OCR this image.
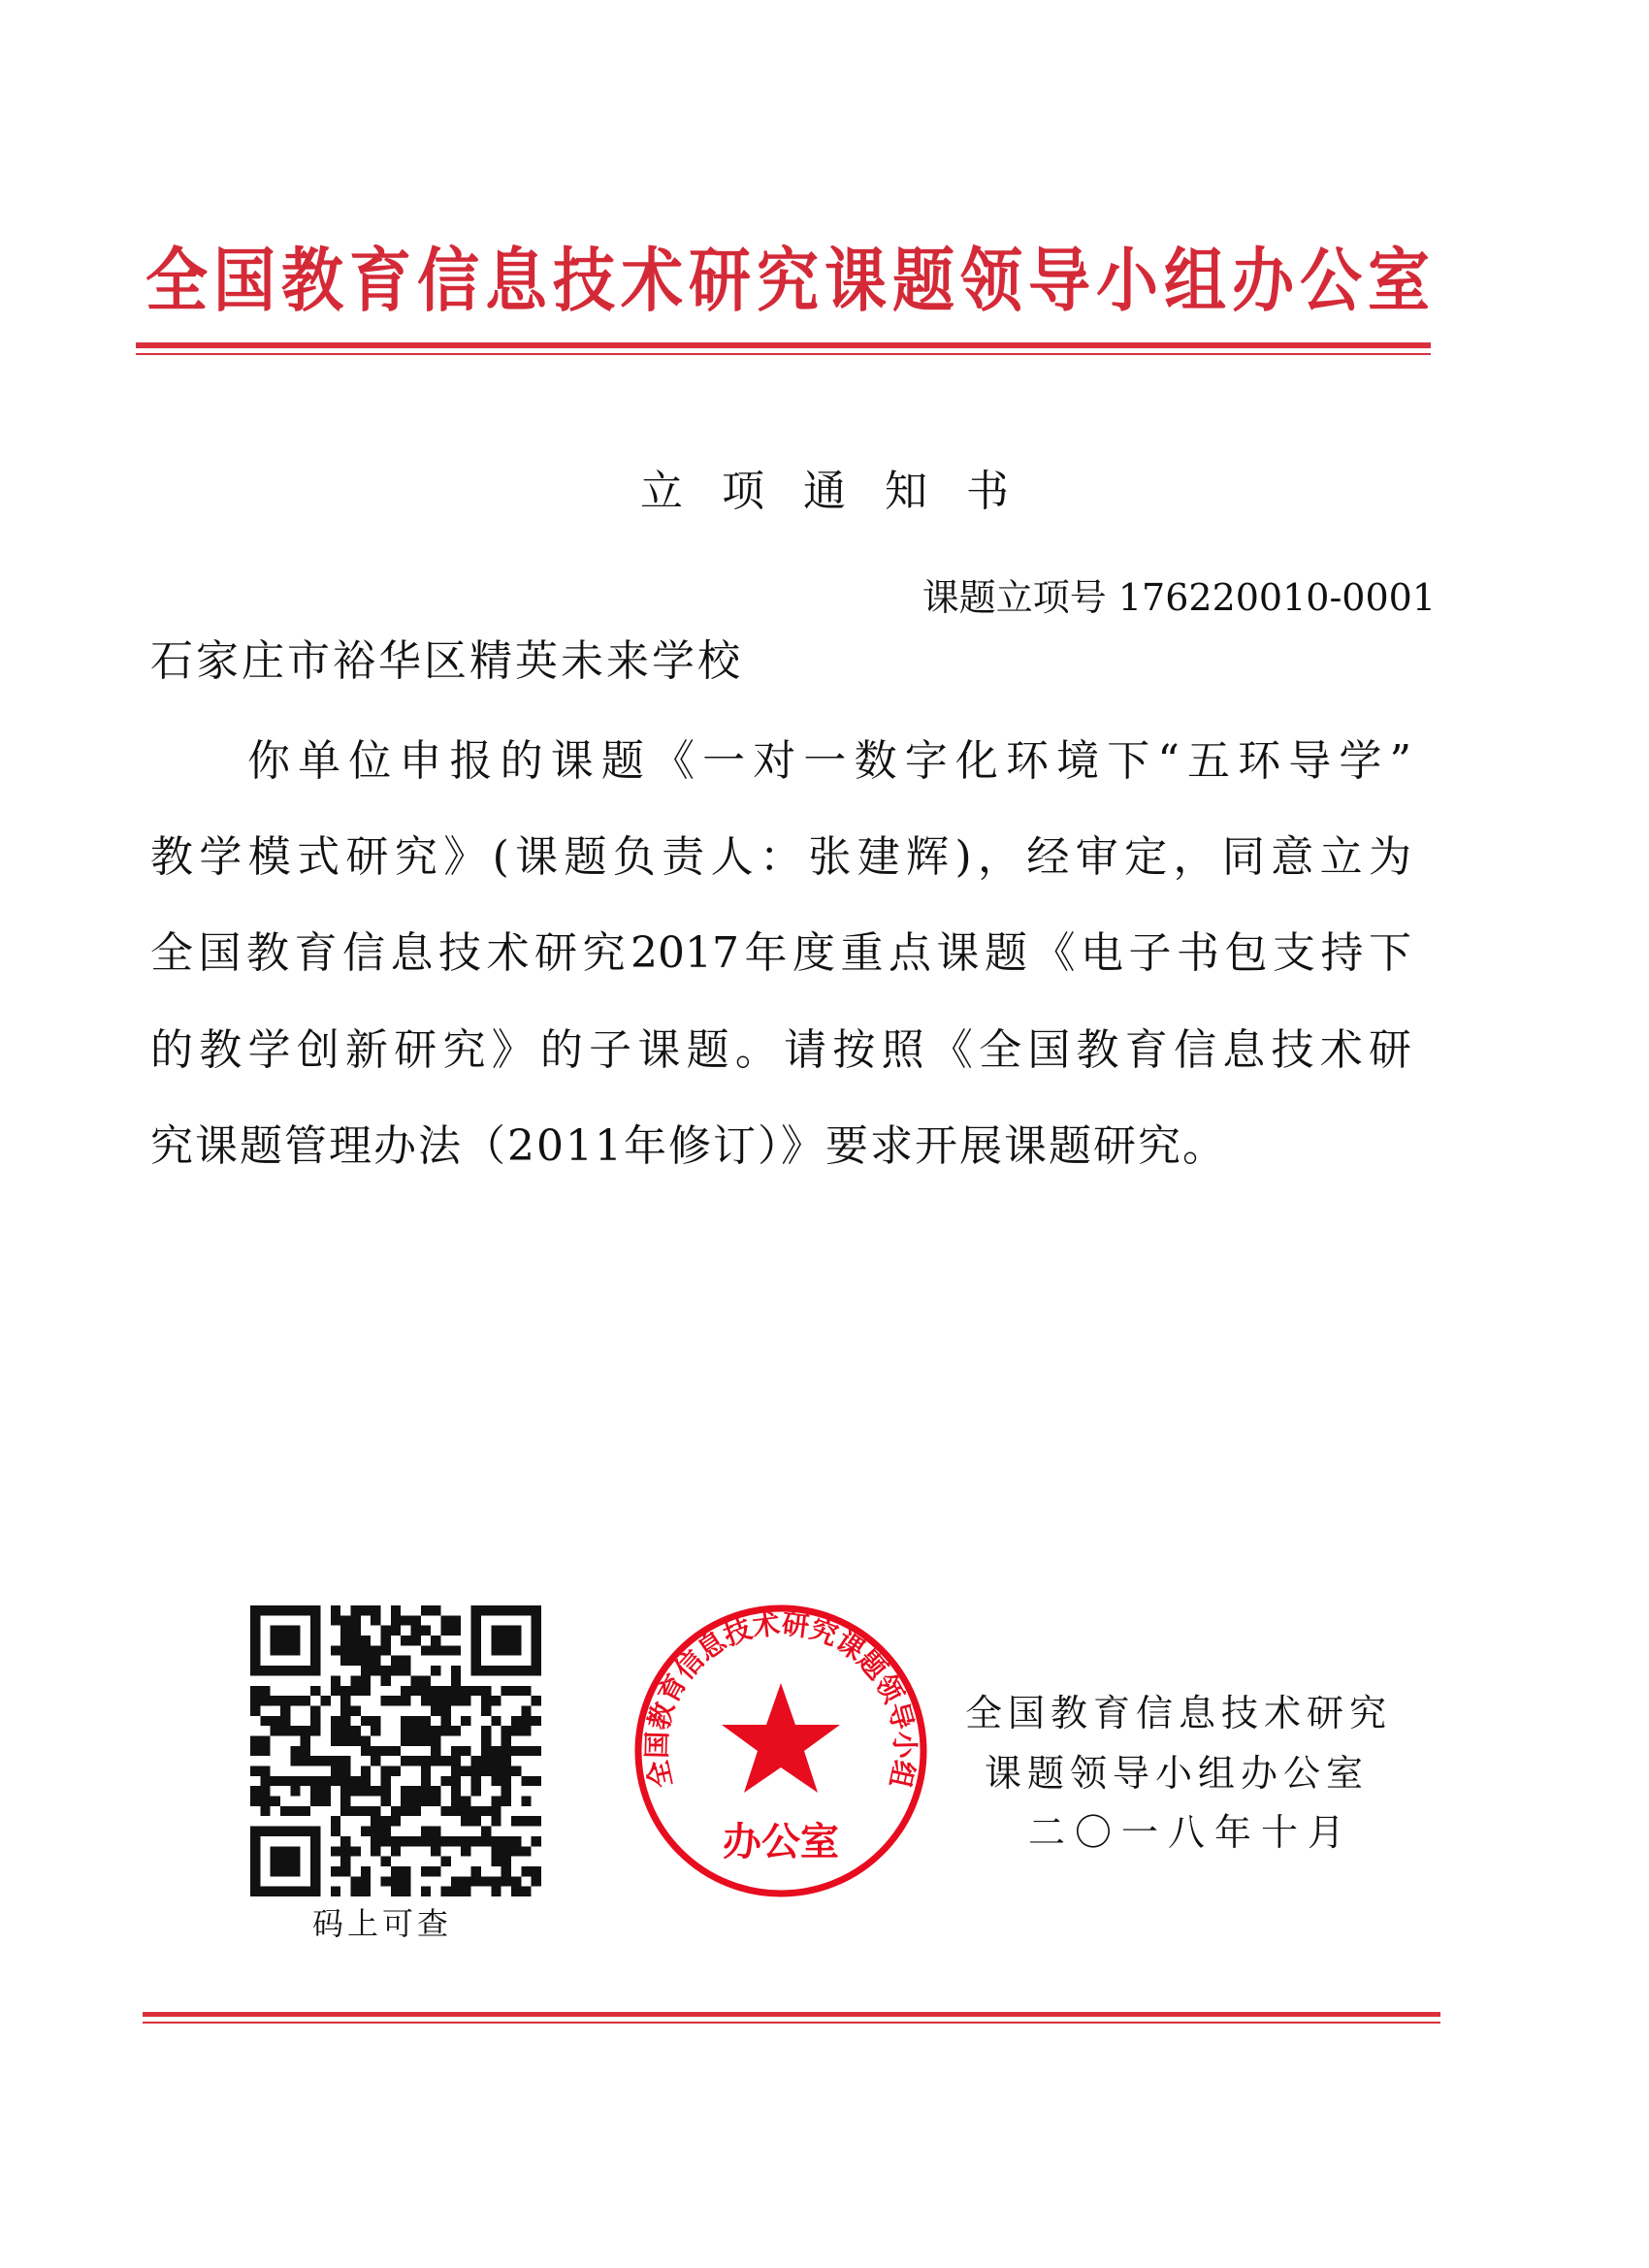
全国教育信息技术研究课题领导小组办公室
立项通知书
课题立项号 176220010-0001
石家庄市裕华区精英未来学校
你单位申报的课题《一对一数字化环境下“五环导学”
教学模式研究》(课题负责人：张建辉)，经审定，同意立为
全国教育信息技术研究2017年度重点课题《电子书包支持下
的教学创新研究》的子课题。请按照《全国教育信息技术研
究课题管理办法（2011年修订）》要求开展课题研究。
码上可查
全国教育信息技术研究
课题领导小组办公室
二〇一八年十月
全国教育信息技术研究课题领导小组
办公室
